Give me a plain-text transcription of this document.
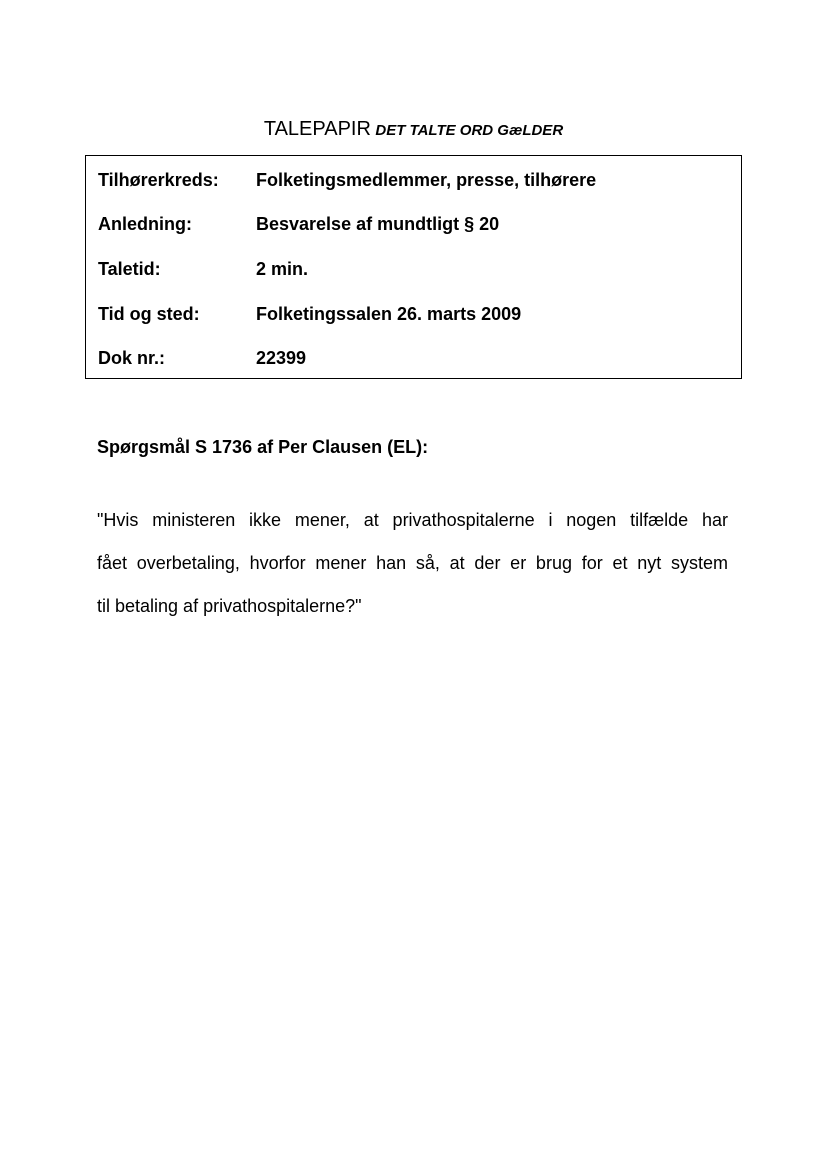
TALEPAPIR DET TALTE ORD GæLDER
Tilhørerkreds: Folketingsmedlemmer, presse, tilhørere
Anledning:	Besvarelse af mundtligt § 20
Taletid:	2 min.
Tid og sted:	Folketingssalen 26. marts 2009
Dok nr.:	22399
Spørgsmål S 1736 af Per Clausen (EL):
"Hvis ministeren ikke mener, at privathospitalerne i nogen tilfælde har
fået overbetaling, hvorfor mener han så, at der er brug for et nyt system
til betaling af privathospitalerne?"
